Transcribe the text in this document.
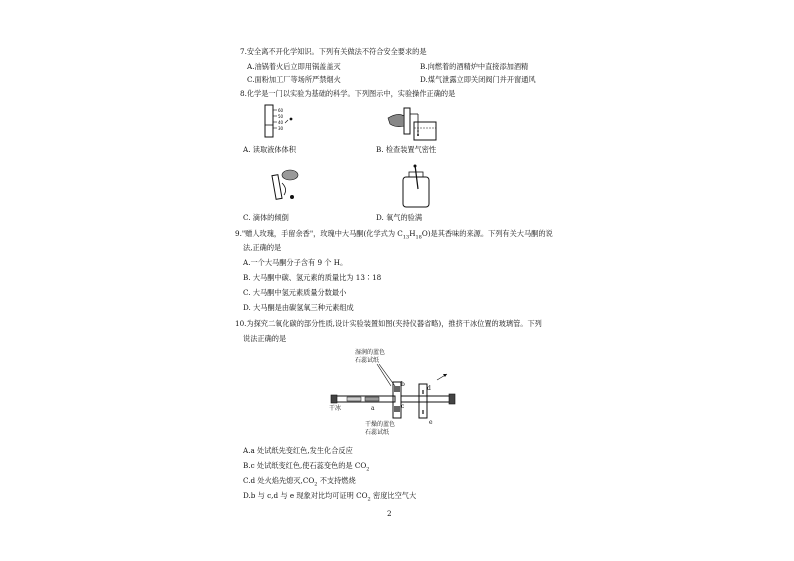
7.安全离不开化学知识。下列有关做法不符合安全要求的是
A.油锅着火后立即用锅盖盖灭	B.向燃着的酒精炉中直接添加酒精
C.面粉加工厂等场所严禁烟火	D.煤气泄露立即关闭阀门并开窗通风
8.化学是一门以实验为基础的科学。下列图示中，实验操作正确的是
60
50
40
30
A. 读取液体体积	B. 检查装置气密性
C. 滴体的倾倒	D. 氧气的验满
9."赠人玫瑰，手留余香"，玫瑰中大马酮(化学式为 $C_{13}H_{18}O$)是其香味的来源。下列有关大马酮的说
法,正确的是
A.一个大马酮分子含有 9 个 H。
B. 大马酮中碳、氢元素的质量比为 13∶18
C. 大马酮中氢元素质量分数最小
D. 大马酮是由碳氢氧三种元素组成
10.为探究二氧化碳的部分性质,设计实验装置如图(夹持仪器省略)，推挤干冰位置的玻璃管。下列
说法正确的是
湿润的蓝色
石蕊试纸
干冰
干燥的蓝色
石蕊试纸
a
b
c
d
e
A.a 处试纸先变红色,发生化合反应
B.c 处试纸变红色,使石蕊变色的是 $CO_2$
C.d 处火焰先熄灭$,CO_2$ 不支持燃烧
D.b 与 c,d 与 e 现象对比均可证明 $CO_2$ 密度比空气大
2
